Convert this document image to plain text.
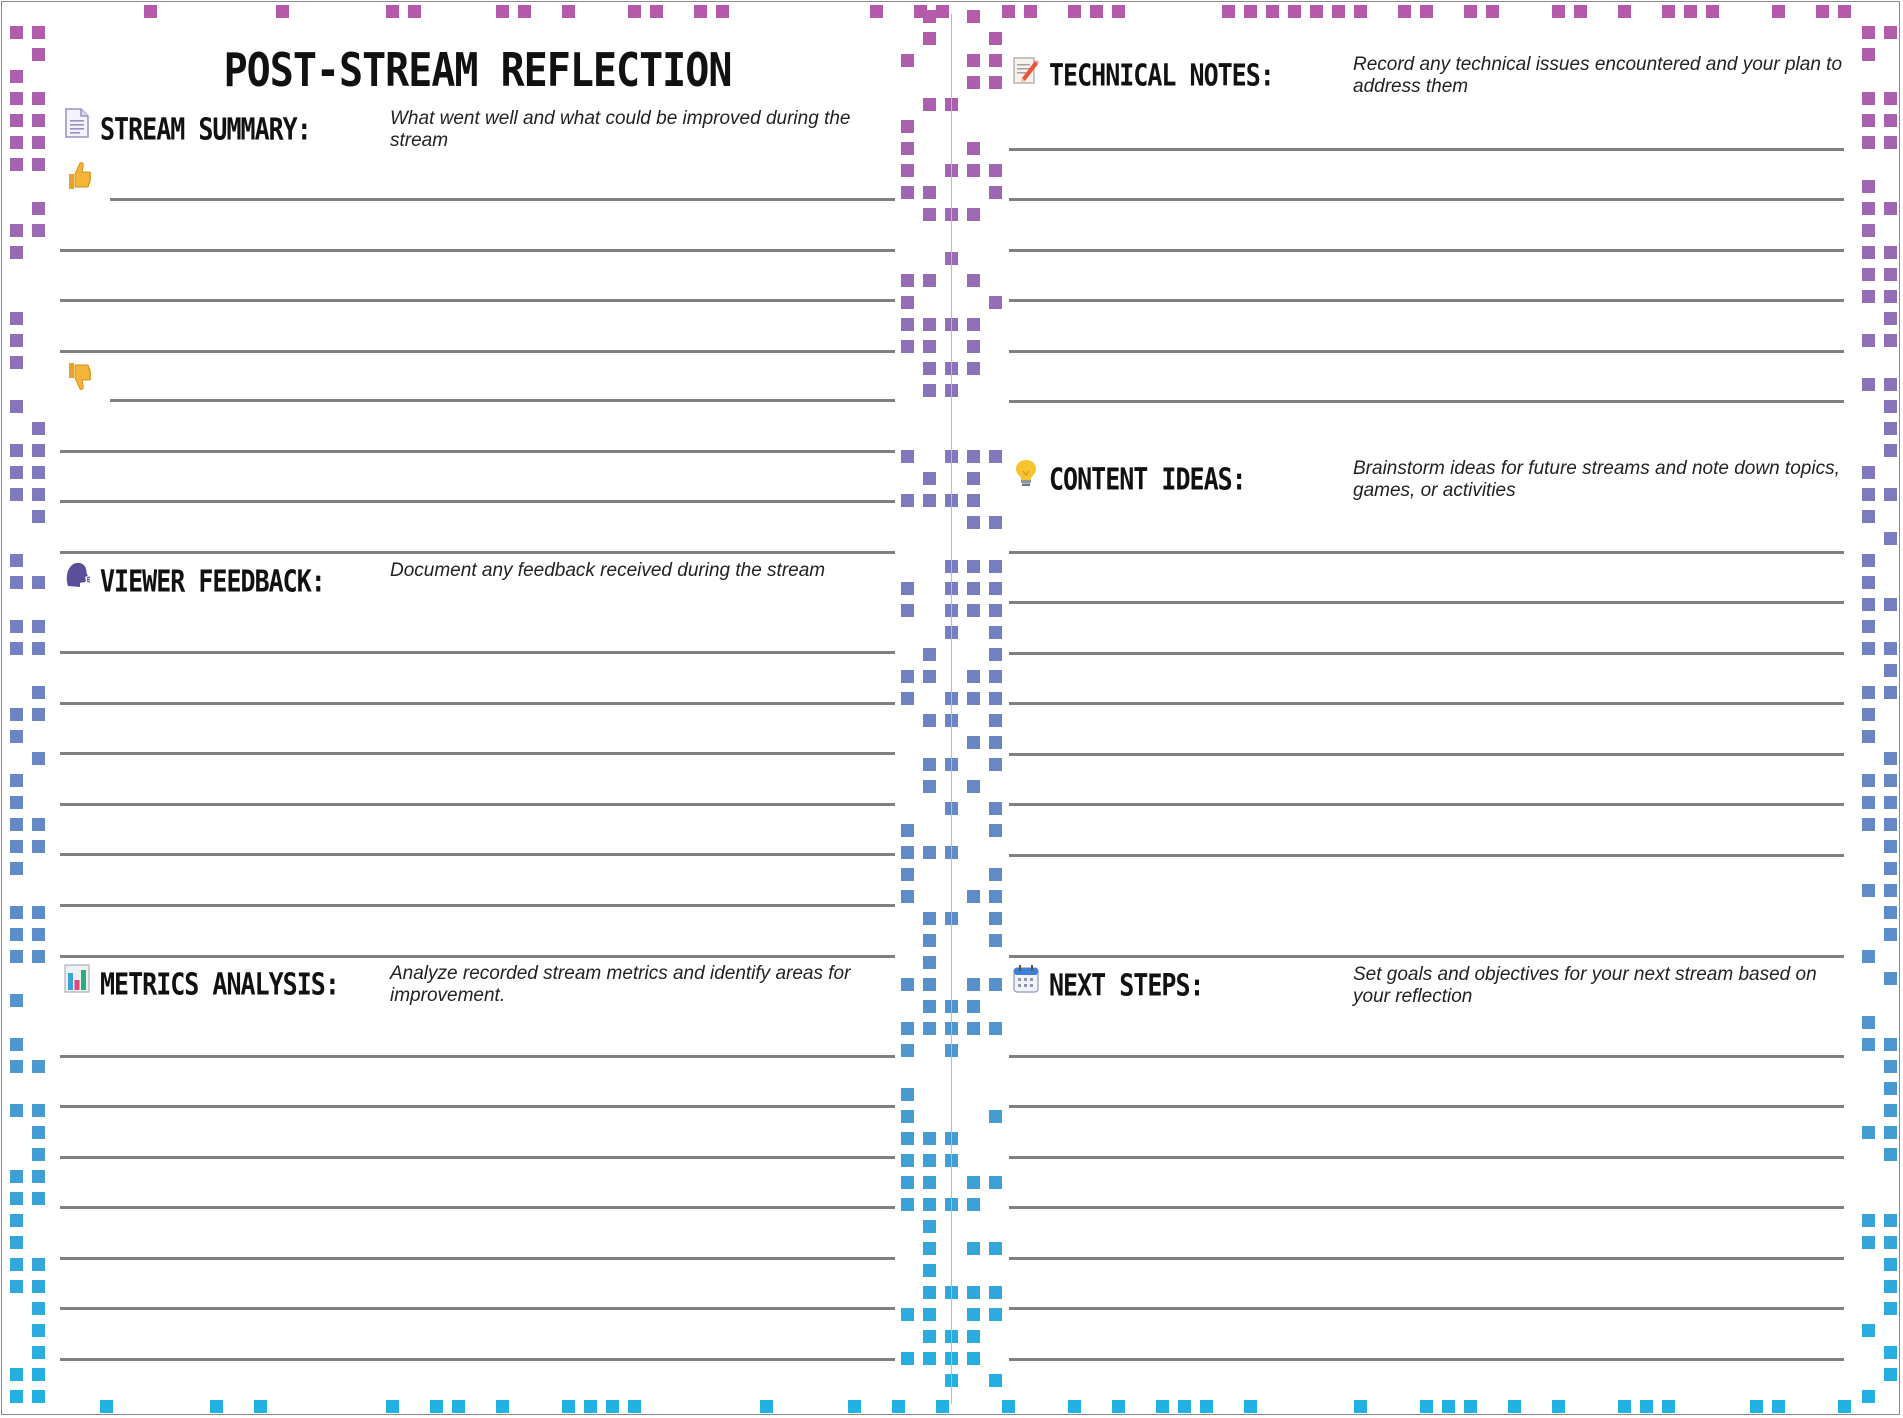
POST-STREAM REFLECTION
STREAM SUMMARY:	What went well and what could be improved during the stream
VIEWER FEEDBACK:	Document any feedback received during the stream
METRICS ANALYSIS:	Analyze recorded stream metrics and identify areas for improvement.
TECHNICAL NOTES:	Record any technical issues encountered and your plan to address them
CONTENT IDEAS:	Brainstorm ideas for future streams and note down topics, games, or activities
NEXT STEPS:	Set goals and objectives for your next stream based on your reflection
